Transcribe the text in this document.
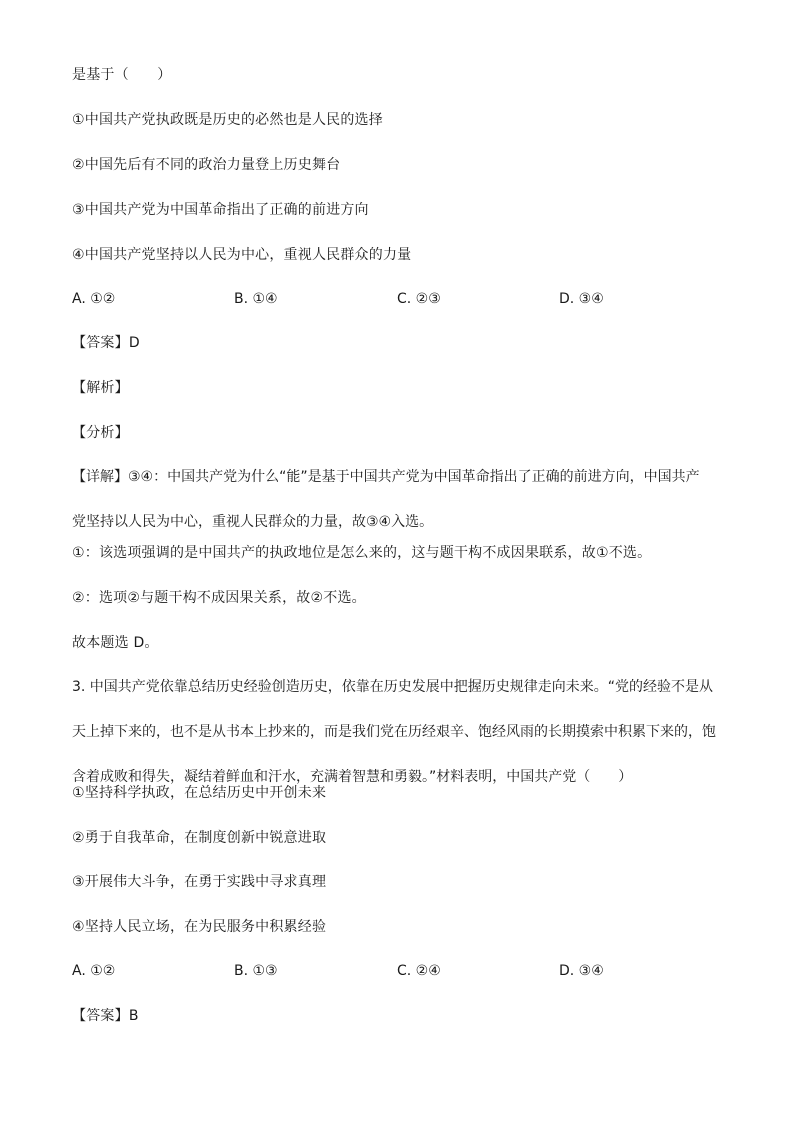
是基于（　　）
①中国共产党执政既是历史的必然也是人民的选择
②中国先后有不同的政治力量登上历史舞台
③中国共产党为中国革命指出了正确的前进方向
④中国共产党坚持以人民为中心，重视人民群众的力量
A. ①②	B. ①④	C. ②③	D. ③④
【答案】D
【解析】
【分析】
【详解】③④：中国共产党为什么“能”是基于中国共产党为中国革命指出了正确的前进方向，中国共产
党坚持以人民为中心，重视人民群众的力量，故③④入选。
①：该选项强调的是中国共产的执政地位是怎么来的，这与题干构不成因果联系，故①不选。
②：选项②与题干构不成因果关系，故②不选。
故本题选 D。
3. 中国共产党依靠总结历史经验创造历史，依靠在历史发展中把握历史规律走向未来。“党的经验不是从
天上掉下来的，也不是从书本上抄来的，而是我们党在历经艰辛、饱经风雨的长期摸索中积累下来的，饱
含着成败和得失，凝结着鲜血和汗水，充满着智慧和勇毅。”材料表明，中国共产党（　　）
①坚持科学执政，在总结历史中开创未来
②勇于自我革命，在制度创新中锐意进取
③开展伟大斗争，在勇于实践中寻求真理
④坚持人民立场，在为民服务中积累经验
A. ①②	B. ①③	C. ②④	D. ③④
【答案】B
